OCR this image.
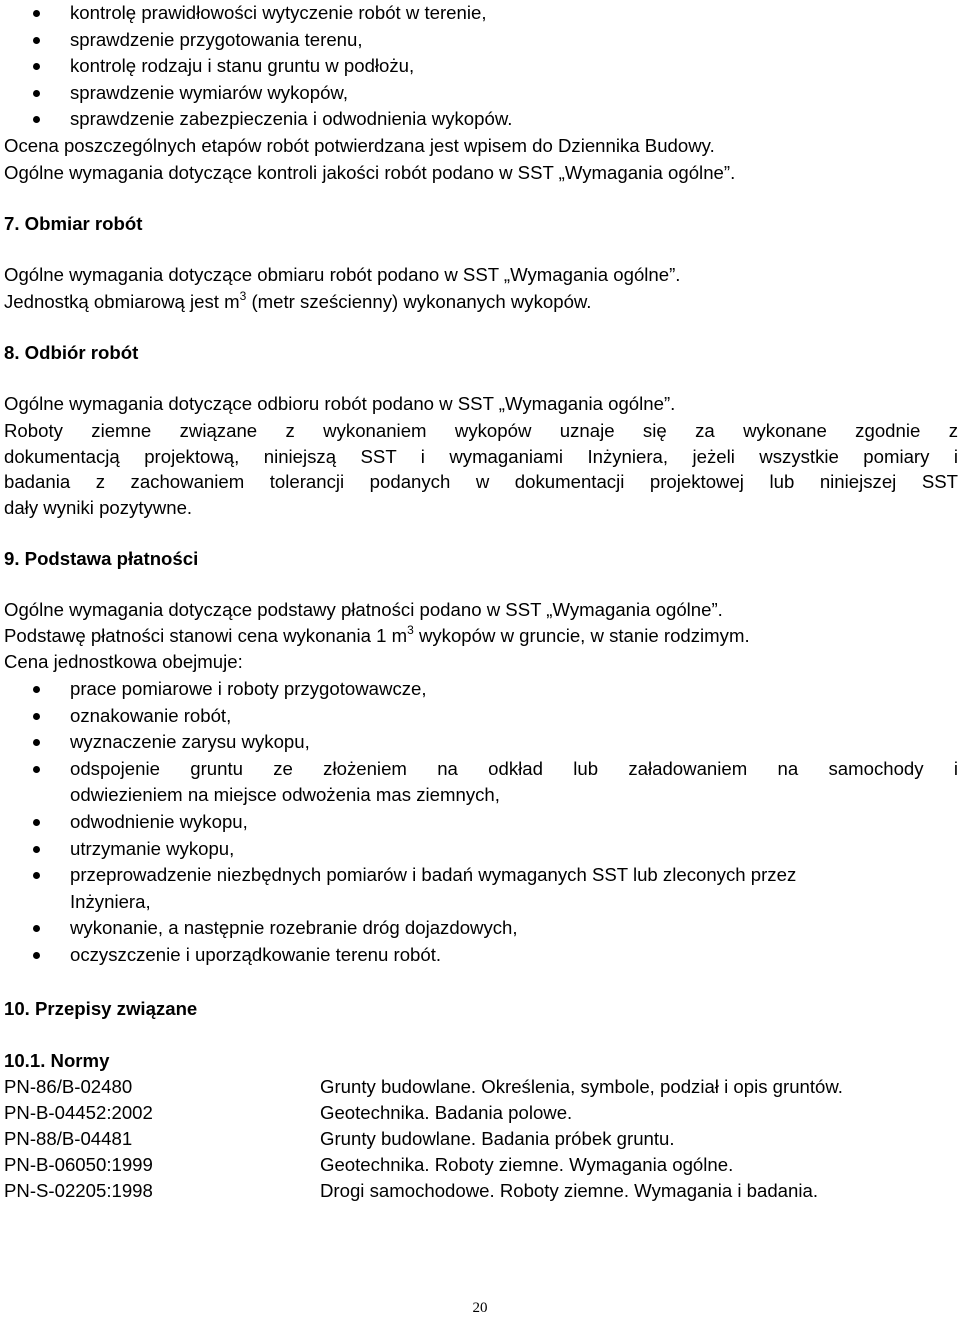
kontrolę prawidłowości wytyczenie robót w terenie,
sprawdzenie przygotowania terenu,
kontrolę rodzaju i stanu gruntu w podłożu,
sprawdzenie wymiarów wykopów,
sprawdzenie zabezpieczenia i odwodnienia wykopów.
Ocena poszczególnych etapów robót potwierdzana jest wpisem do Dziennika Budowy.
Ogólne wymagania dotyczące kontroli jakości robót podano w SST „Wymagania ogólne”.
7. Obmiar robót
Ogólne wymagania dotyczące obmiaru robót podano w SST „Wymagania ogólne”.
Jednostką obmiarową jest $m^3$ (metr sześcienny) wykonanych wykopów.
8. Odbiór robót
Ogólne wymagania dotyczące odbioru robót podano w SST „Wymagania ogólne”.
Roboty ziemne związane z wykonaniem wykopów uznaje się za wykonane zgodnie z
dokumentacją projektową, niniejszą SST i wymaganiami Inżyniera, jeżeli wszystkie pomiary i
badania z zachowaniem tolerancji podanych w dokumentacji projektowej lub niniejszej SST
dały wyniki pozytywne.
9. Podstawa płatności
Ogólne wymagania dotyczące podstawy płatności podano w SST „Wymagania ogólne”.
Podstawę płatności stanowi cena wykonania 1 $m^3$ wykopów w gruncie, w stanie rodzimym.
Cena jednostkowa obejmuje:
prace pomiarowe i roboty przygotowawcze,
oznakowanie robót,
wyznaczenie zarysu wykopu,
odspojenie gruntu ze złożeniem na odkład lub załadowaniem na samochody i
odwiezieniem na miejsce odwożenia mas ziemnych,
odwodnienie wykopu,
utrzymanie wykopu,
przeprowadzenie niezbędnych pomiarów i badań wymaganych SST lub zleconych przez
Inżyniera,
wykonanie, a następnie rozebranie dróg dojazdowych,
oczyszczenie i uporządkowanie terenu robót.
10. Przepisy związane
10.1. Normy
PN-86/B-02480	Grunty budowlane. Określenia, symbole, podział i opis gruntów.
PN-B-04452:2002	Geotechnika. Badania polowe.
PN-88/B-04481	Grunty budowlane. Badania próbek gruntu.
PN-B-06050:1999	Geotechnika. Roboty ziemne. Wymagania ogólne.
PN-S-02205:1998	Drogi samochodowe. Roboty ziemne. Wymagania i badania.
20
